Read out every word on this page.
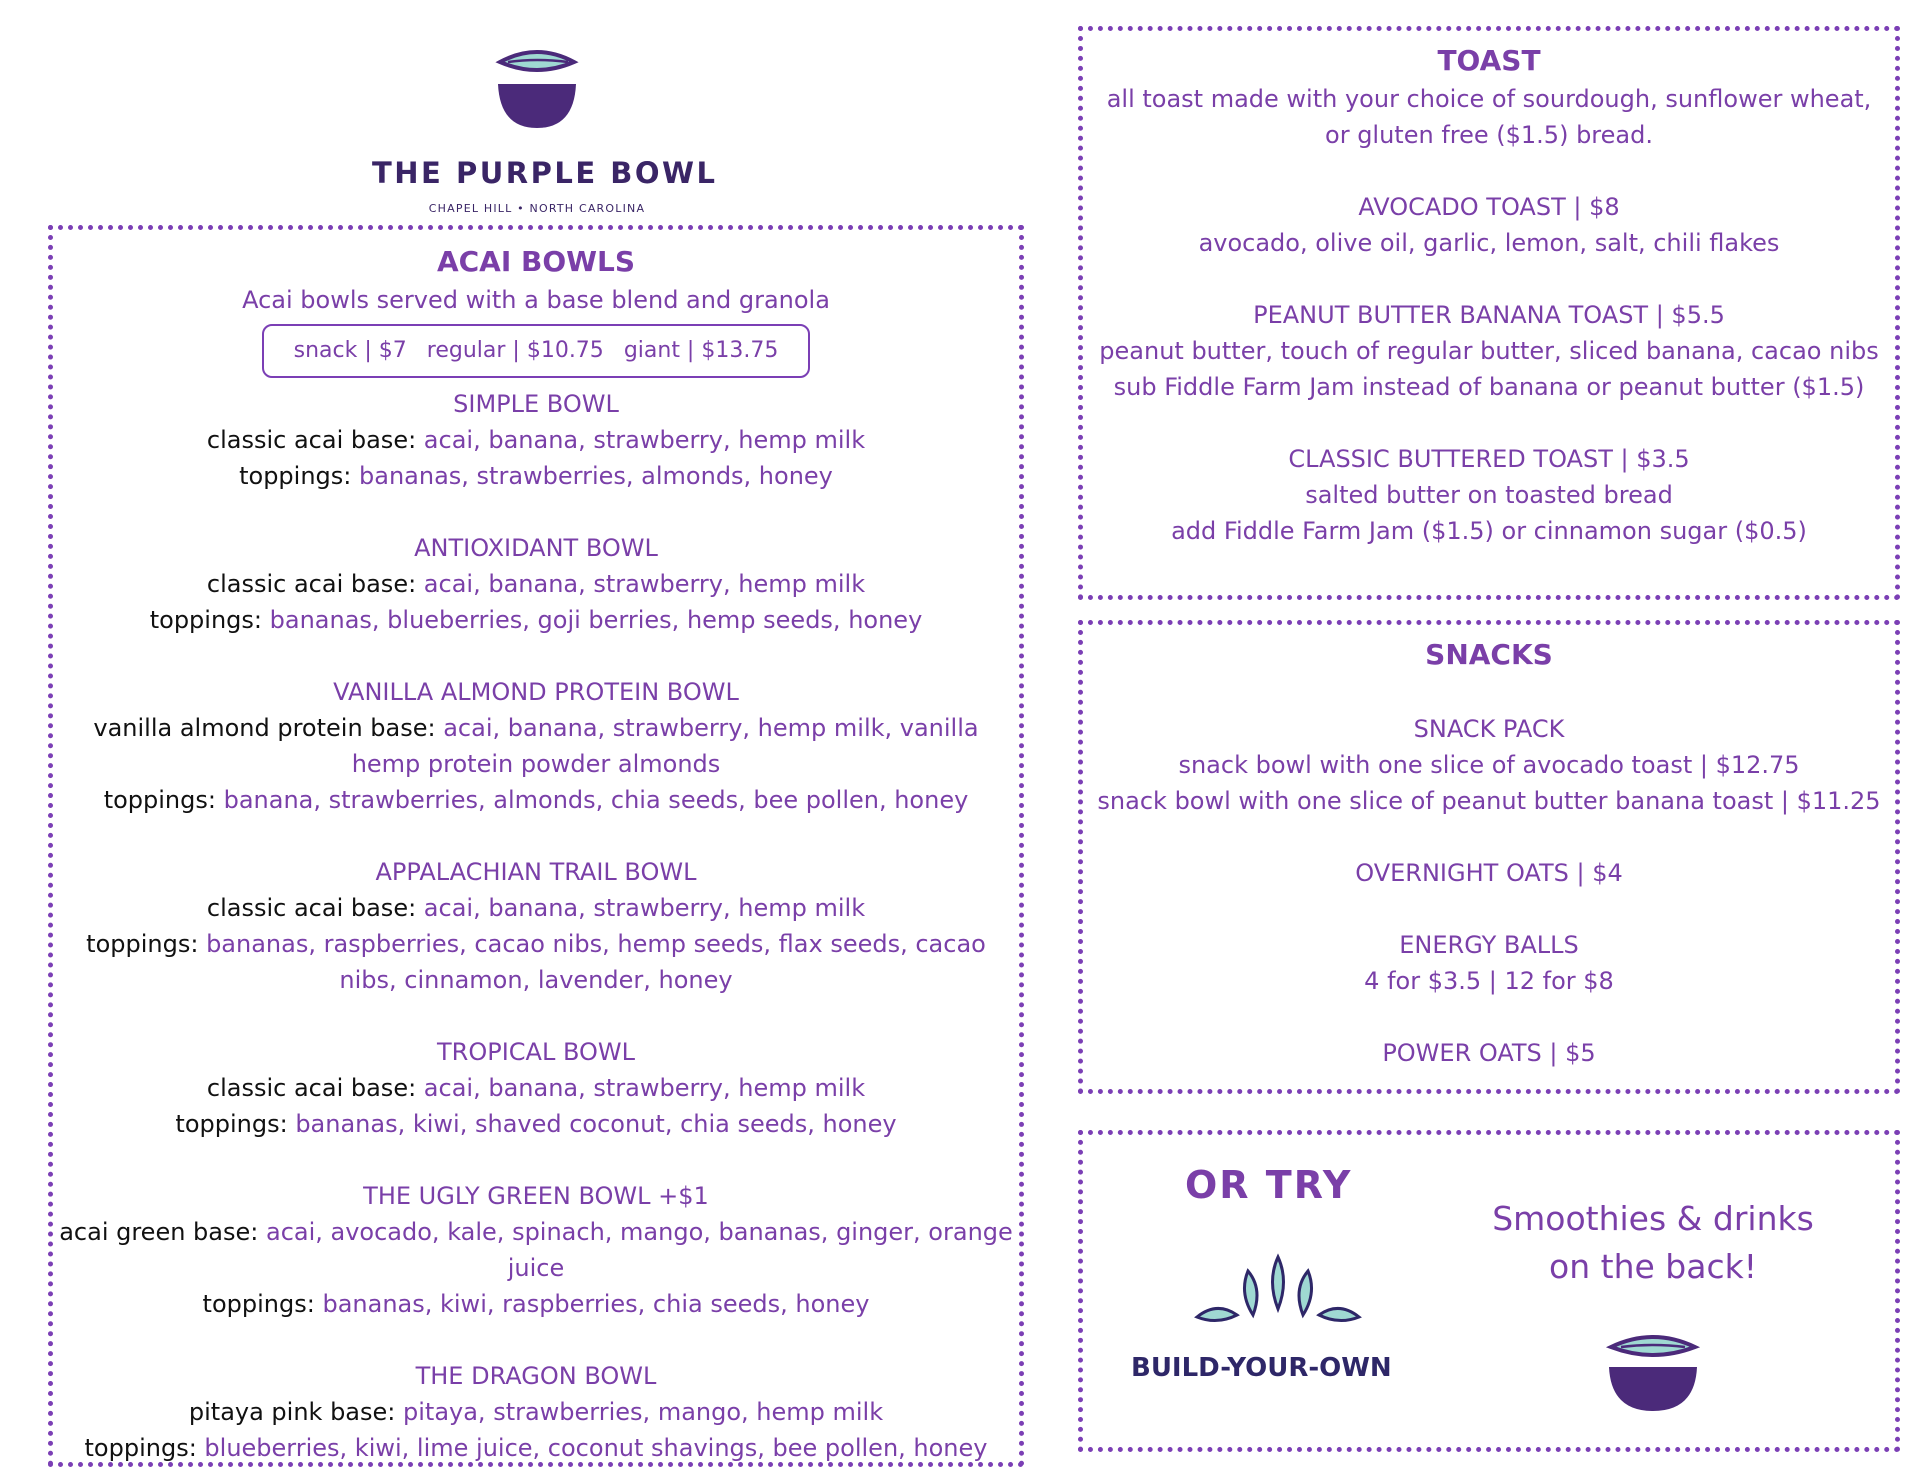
THE PURPLE BOWL
CHAPEL HILL • NORTH CAROLINA
ACAI BOWLS
Acai bowls served with a base blend and granola
snack | $7 regular | $10.75 giant | $13.75
SIMPLE BOWL
classic acai base: acai, banana, strawberry, hemp milk
toppings: bananas, strawberries, almonds, honey
ANTIOXIDANT BOWL
classic acai base: acai, banana, strawberry, hemp milk
toppings: bananas, blueberries, goji berries, hemp seeds, honey
VANILLA ALMOND PROTEIN BOWL
vanilla almond protein base: acai, banana, strawberry, hemp milk, vanilla
hemp protein powder almonds
toppings: banana, strawberries, almonds, chia seeds, bee pollen, honey
APPALACHIAN TRAIL BOWL
classic acai base: acai, banana, strawberry, hemp milk
toppings: bananas, raspberries, cacao nibs, hemp seeds, flax seeds, cacao
nibs, cinnamon, lavender, honey
TROPICAL BOWL
classic acai base: acai, banana, strawberry, hemp milk
toppings: bananas, kiwi, shaved coconut, chia seeds, honey
THE UGLY GREEN BOWL +$1
acai green base: acai, avocado, kale, spinach, mango, bananas, ginger, orange
juice
toppings: bananas, kiwi, raspberries, chia seeds, honey
THE DRAGON BOWL
pitaya pink base: pitaya, strawberries, mango, hemp milk
toppings: blueberries, kiwi, lime juice, coconut shavings, bee pollen, honey
TOAST
all toast made with your choice of sourdough, sunflower wheat,
or gluten free ($1.5) bread.
AVOCADO TOAST | $8
avocado, olive oil, garlic, lemon, salt, chili flakes
PEANUT BUTTER BANANA TOAST | $5.5
peanut butter, touch of regular butter, sliced banana, cacao nibs
sub Fiddle Farm Jam instead of banana or peanut butter ($1.5)
CLASSIC BUTTERED TOAST | $3.5
salted butter on toasted bread
add Fiddle Farm Jam ($1.5) or cinnamon sugar ($0.5)
SNACKS
SNACK PACK
snack bowl with one slice of avocado toast | $12.75
snack bowl with one slice of peanut butter banana toast | $11.25
OVERNIGHT OATS | $4
ENERGY BALLS
4 for $3.5 | 12 for $8
POWER OATS | $5
OR TRY
BUILD-YOUR-OWN
Smoothies & drinks
on the back!
